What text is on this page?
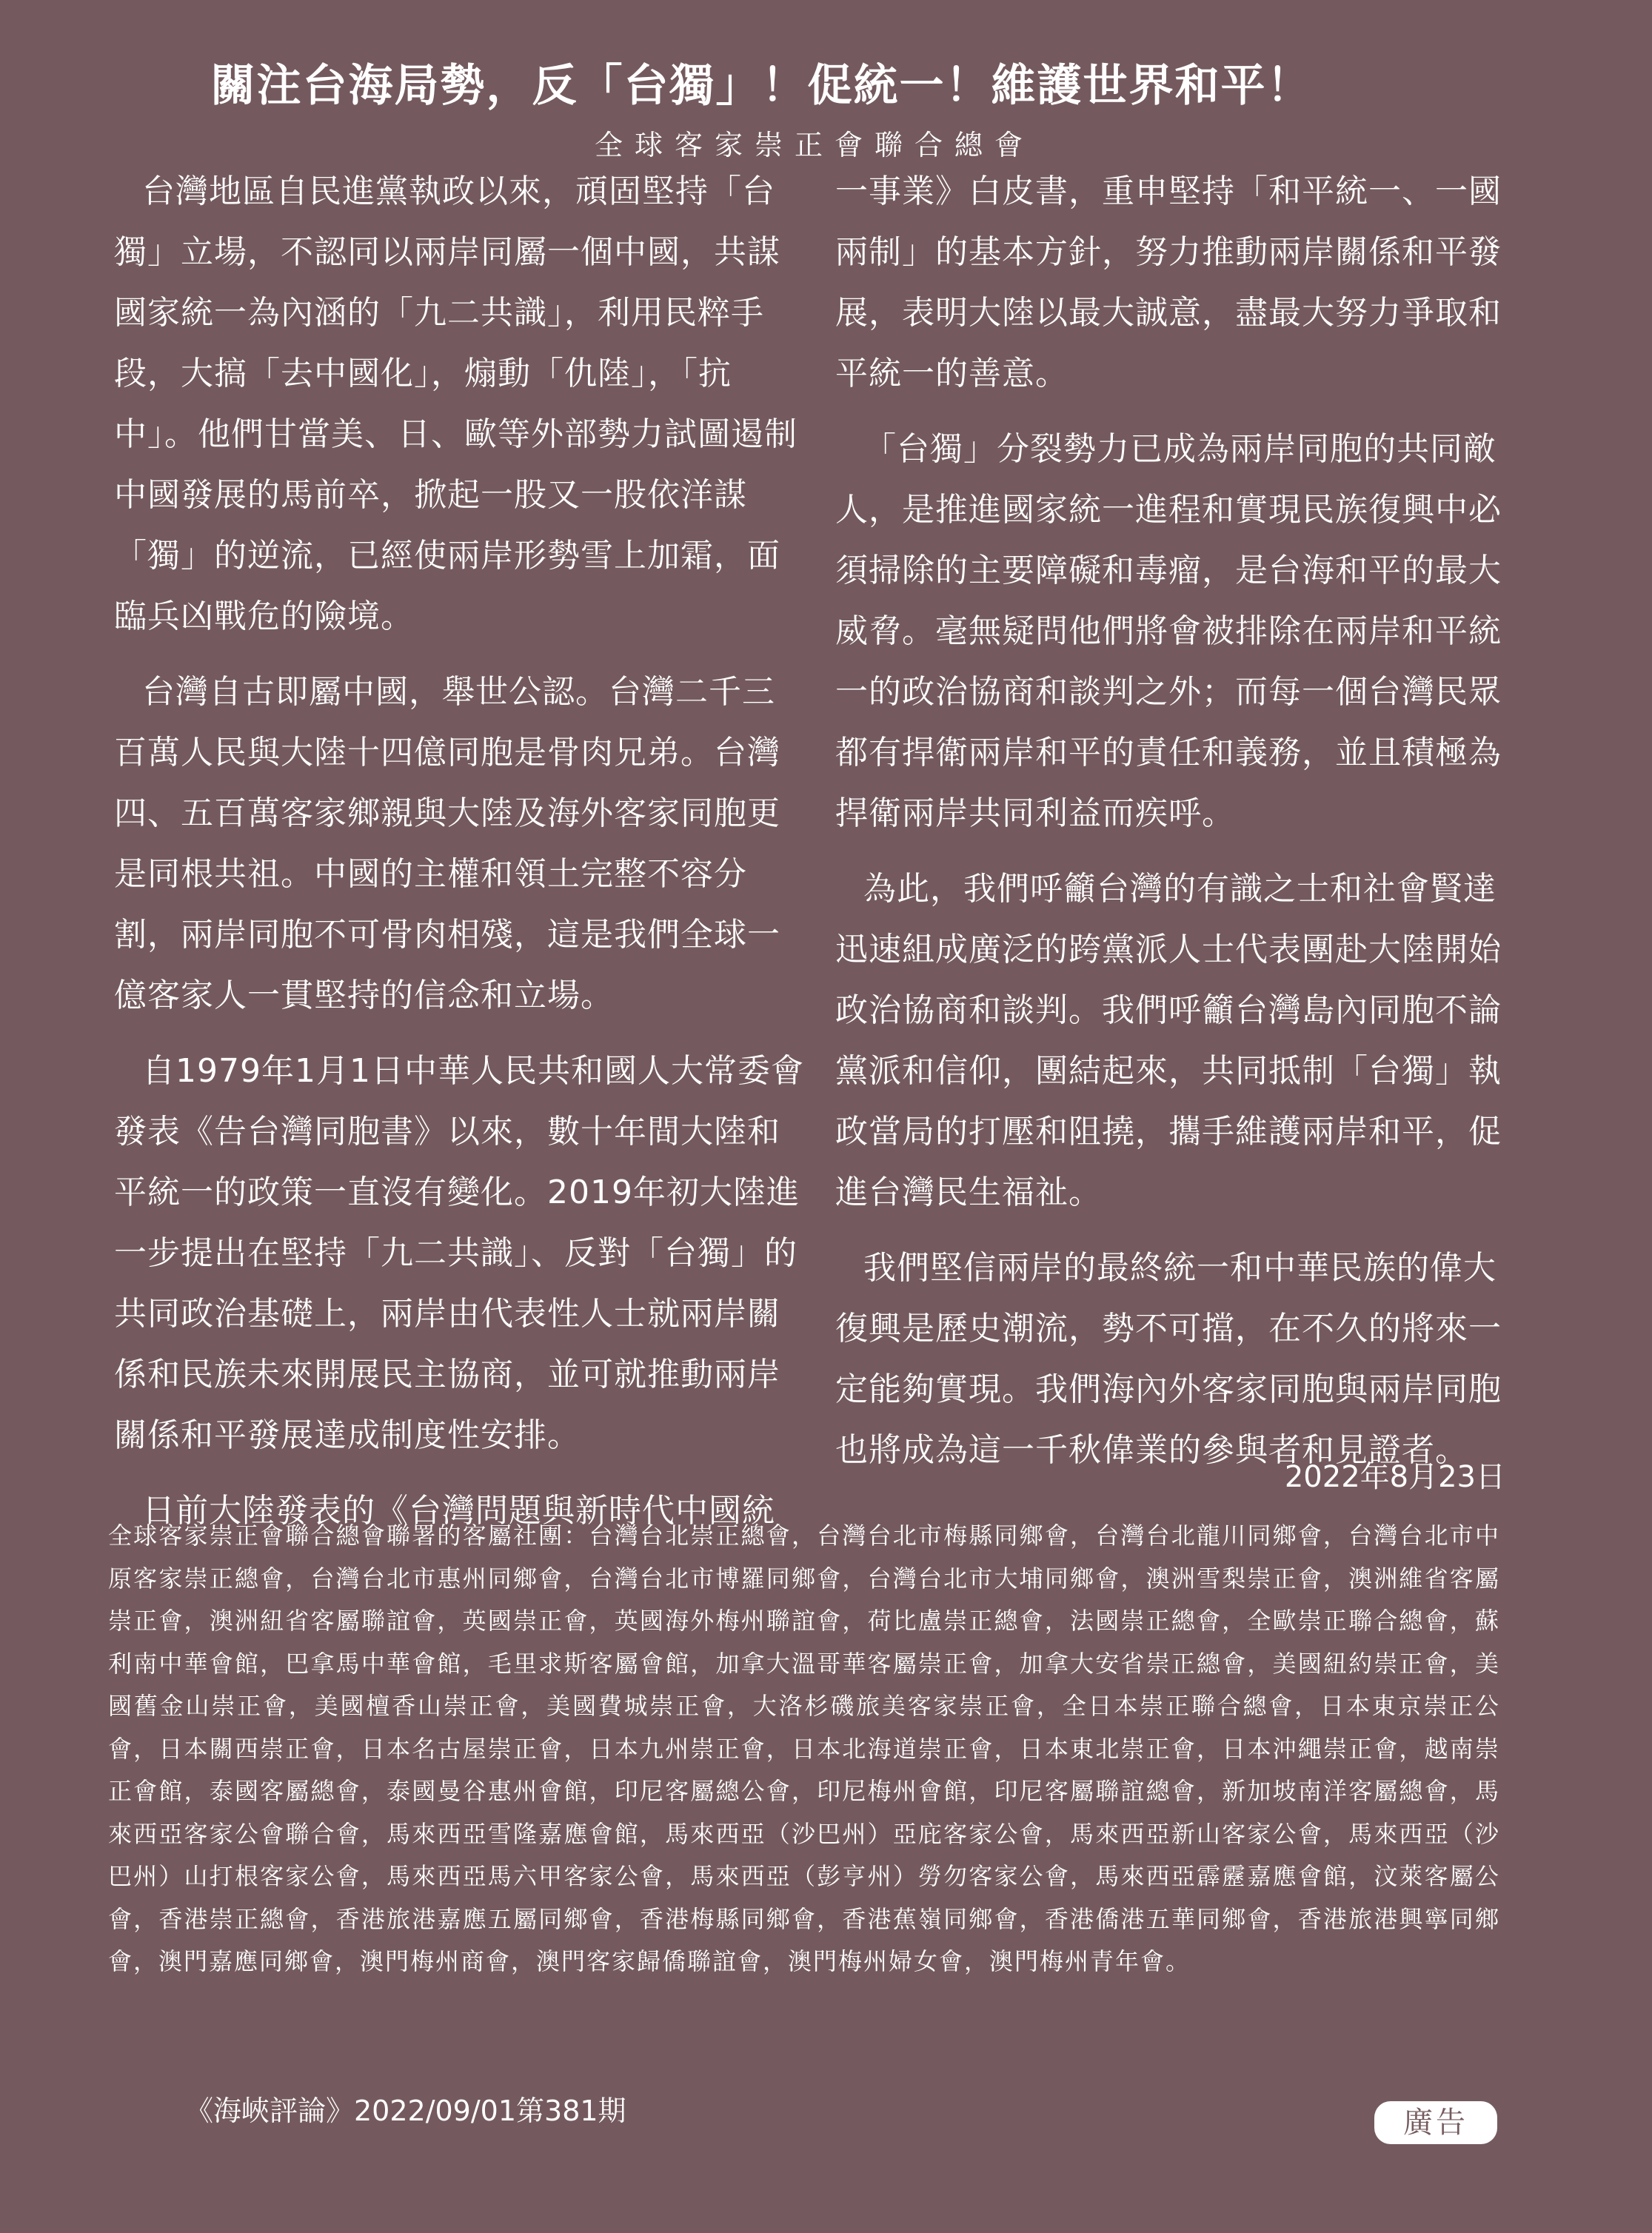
關注台海局勢，反「台獨」！促統一！維護世界和平！
全球客家崇正會聯合總會

台灣地區自民進黨執政以來，頑固堅持「台獨」立場，不認同以兩岸同屬一個中國，共謀國家統一為內涵的「九二共識」，利用民粹手段，大搞「去中國化」，煽動「仇陸」，「抗中」。他們甘當美、日、歐等外部勢力試圖遏制中國發展的馬前卒，掀起一股又一股依洋謀「獨」的逆流，已經使兩岸形勢雪上加霜，面臨兵凶戰危的險境。

台灣自古即屬中國，舉世公認。台灣二千三百萬人民與大陸十四億同胞是骨肉兄弟。台灣四、五百萬客家鄉親與大陸及海外客家同胞更是同根共祖。中國的主權和領土完整不容分割，兩岸同胞不可骨肉相殘，這是我們全球一億客家人一貫堅持的信念和立場。

自1979年1月1日中華人民共和國人大常委會發表《告台灣同胞書》以來，數十年間大陸和平統一的政策一直沒有變化。2019年初大陸進一步提出在堅持「九二共識」、反對「台獨」的共同政治基礎上，兩岸由代表性人士就兩岸關係和民族未來開展民主協商，並可就推動兩岸關係和平發展達成制度性安排。

日前大陸發表的《台灣問題與新時代中國統

一事業》白皮書，重申堅持「和平統一、一國兩制」的基本方針，努力推動兩岸關係和平發展，表明大陸以最大誠意，盡最大努力爭取和平統一的善意。

「台獨」分裂勢力已成為兩岸同胞的共同敵人，是推進國家統一進程和實現民族復興中必須掃除的主要障礙和毒瘤，是台海和平的最大威脅。毫無疑問他們將會被排除在兩岸和平統一的政治協商和談判之外；而每一個台灣民眾都有捍衛兩岸和平的責任和義務，並且積極為捍衛兩岸共同利益而疾呼。

為此，我們呼籲台灣的有識之士和社會賢達迅速組成廣泛的跨黨派人士代表團赴大陸開始政治協商和談判。我們呼籲台灣島內同胞不論黨派和信仰，團結起來，共同抵制「台獨」執政當局的打壓和阻撓，攜手維護兩岸和平，促進台灣民生福祉。

我們堅信兩岸的最終統一和中華民族的偉大復興是歷史潮流，勢不可擋，在不久的將來一定能夠實現。我們海內外客家同胞與兩岸同胞也將成為這一千秋偉業的參與者和見證者。

2022年8月23日
全球客家崇正會聯合總會聯署的客屬社團：台灣台北崇正總會，台灣台北市梅縣同鄉會，台灣台北龍川同鄉會，台灣台北市中原客家崇正總會，台灣台北市惠州同鄉會，台灣台北市博羅同鄉會，台灣台北市大埔同鄉會，澳洲雪梨崇正會，澳洲維省客屬崇正會，澳洲紐省客屬聯誼會，英國崇正會，英國海外梅州聯誼會，荷比盧崇正總會，法國崇正總會，全歐崇正聯合總會，蘇利南中華會館，巴拿馬中華會館，毛里求斯客屬會館，加拿大溫哥華客屬崇正會，加拿大安省崇正總會，美國紐約崇正會，美國舊金山崇正會，美國檀香山崇正會，美國費城崇正會，大洛杉磯旅美客家崇正會，全日本崇正聯合總會，日本東京崇正公會，日本關西崇正會，日本名古屋崇正會，日本九州崇正會，日本北海道崇正會，日本東北崇正會，日本沖繩崇正會，越南崇正會館，泰國客屬總會，泰國曼谷惠州會館，印尼客屬總公會，印尼梅州會館，印尼客屬聯誼總會，新加坡南洋客屬總會，馬來西亞客家公會聯合會，馬來西亞雪隆嘉應會館，馬來西亞（沙巴州）亞庇客家公會，馬來西亞新山客家公會，馬來西亞（沙巴州）山打根客家公會，馬來西亞馬六甲客家公會，馬來西亞（彭亨州）勞勿客家公會，馬來西亞霹靂嘉應會館，汶萊客屬公會，香港崇正總會，香港旅港嘉應五屬同鄉會，香港梅縣同鄉會，香港蕉嶺同鄉會，香港僑港五華同鄉會，香港旅港興寧同鄉會，澳門嘉應同鄉會，澳門梅州商會，澳門客家歸僑聯誼會，澳門梅州婦女會，澳門梅州青年會。
《海峽評論》2022/09/01第381期	廣告
